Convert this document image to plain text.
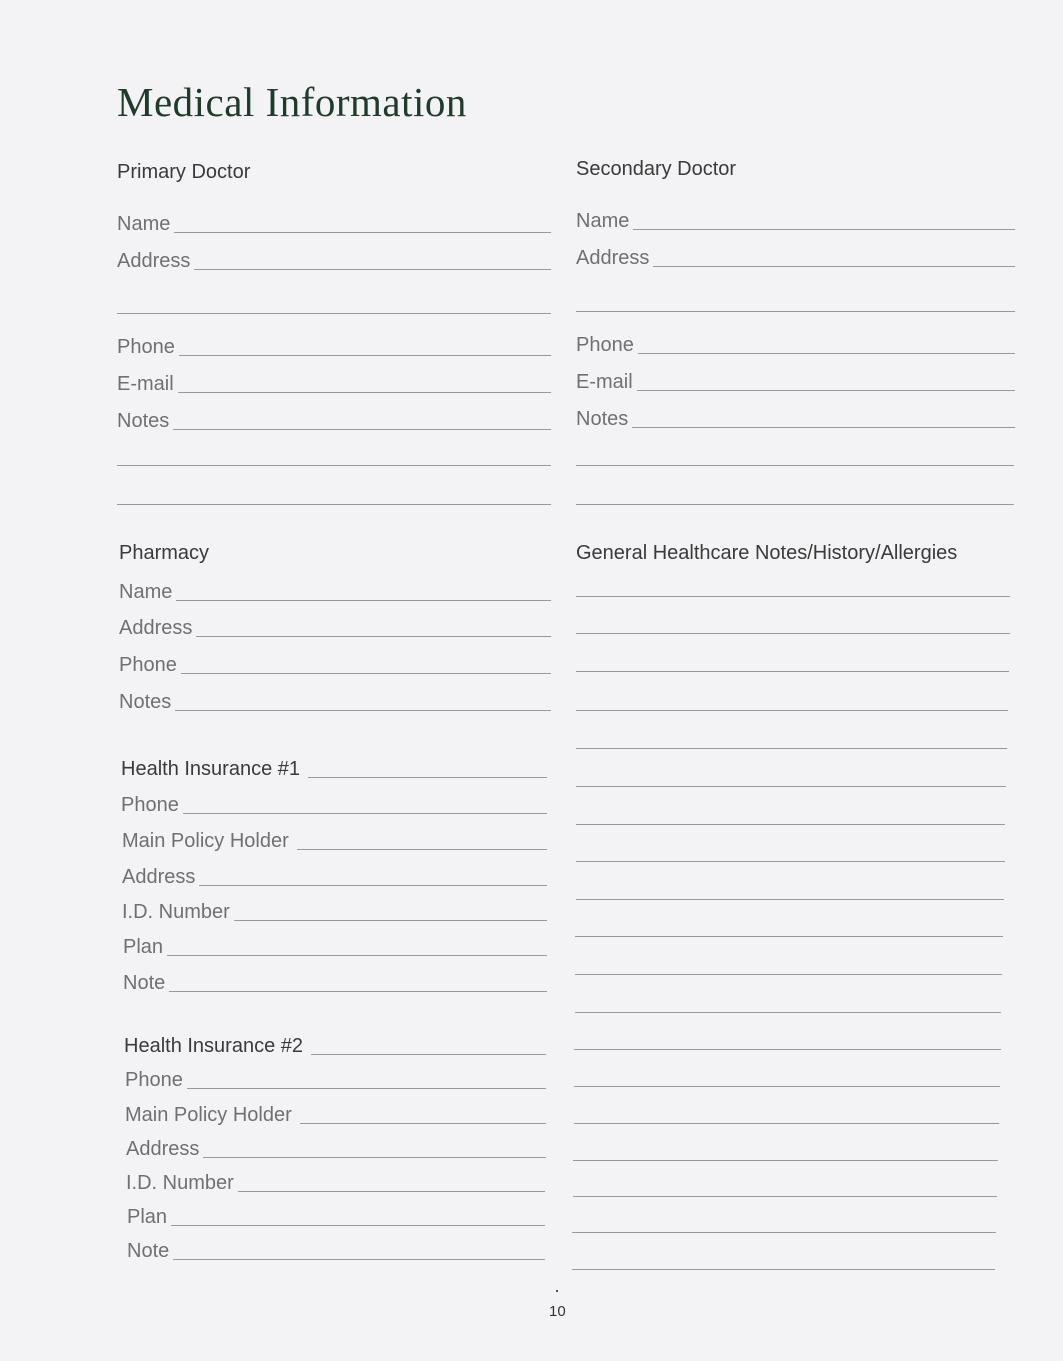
Medical Information
Primary Doctor
Name
Address
Phone
E-mail
Notes
Secondary Doctor
Name
Address
Phone
E-mail
Notes
Pharmacy
Name
Address
Phone
Notes
General Healthcare Notes/History/Allergies
Health Insurance #1
Phone
Main Policy Holder
Address
I.D. Number
Plan
Note
Health Insurance #2
Phone
Main Policy Holder
Address
I.D. Number
Plan
Note
10
